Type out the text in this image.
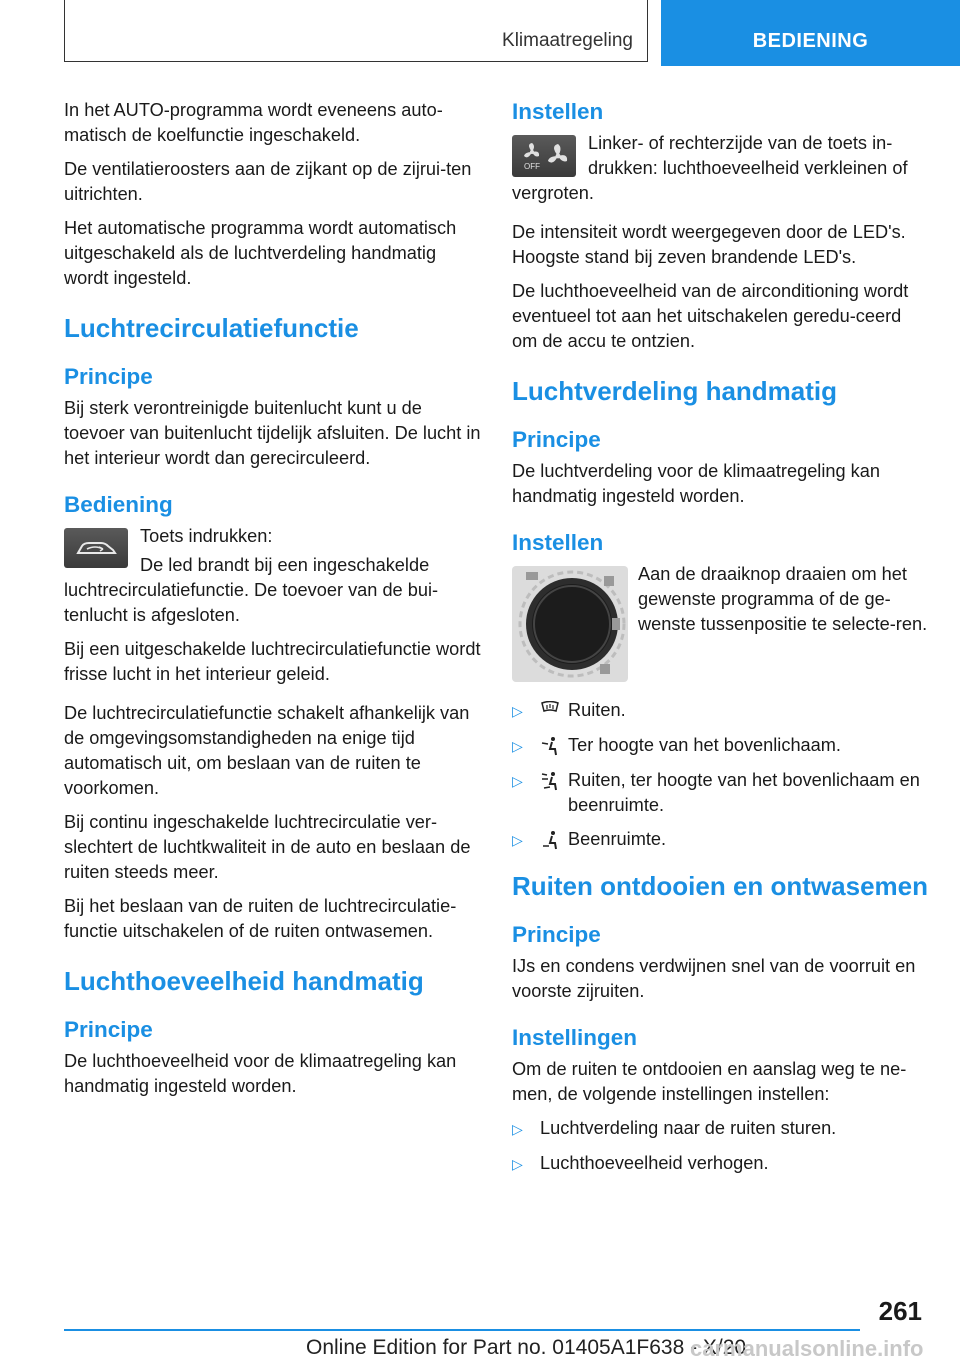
Klimaatregeling	BEDIENING

In het AUTO-programma wordt eveneens auto-matisch de koelfunctie ingeschakeld.

De ventilatieroosters aan de zijkant op de zijrui-ten uitrichten.

Het automatische programma wordt automatisch uitgeschakeld als de luchtverdeling handmatig wordt ingesteld.

Luchtrecirculatiefunctie
Principe

Bij sterk verontreinigde buitenlucht kunt u de toevoer van buitenlucht tijdelijk afsluiten. De lucht in het interieur wordt dan gerecirculeerd.

Bediening
Toets indrukken:
De led brandt bij een ingeschakelde luchtrecirculatiefunctie. De toevoer van de bui-tenlucht is afgesloten.

Bij een uitgeschakelde luchtrecirculatiefunctie wordt frisse lucht in het interieur geleid.

De luchtrecirculatiefunctie schakelt afhankelijk van de omgevingsomstandigheden na enige tijd automatisch uit, om beslaan van de ruiten te voorkomen.

Bij continu ingeschakelde luchtrecirculatie ver-slechtert de luchtkwaliteit in de auto en beslaan de ruiten steeds meer.

Bij het beslaan van de ruiten de luchtrecirculatie-functie uitschakelen of de ruiten ontwasemen.

Luchthoeveelheid handmatig
Principe

De luchthoeveelheid voor de klimaatregeling kan handmatig ingesteld worden.

Instellen
OFF
Linker- of rechterzijde van de toets in-drukken: luchthoeveelheid verkleinen of vergroten.

De intensiteit wordt weergegeven door de LED's. Hoogste stand bij zeven brandende LED's.

De luchthoeveelheid van de airconditioning wordt eventueel tot aan het uitschakelen geredu-ceerd om de accu te ontzien.

Luchtverdeling handmatig
Principe

De luchtverdeling voor de klimaatregeling kan handmatig ingesteld worden.

Instellen
Aan de draaiknop draaien om het gewenste programma of de ge-wenste tussenpositie te selecte-ren.
▷	Ruiten.
▷	Ter hoogte van het bovenlichaam.
▷	Ruiten, ter hoogte van het bovenlichaam en beenruimte.
▷	Beenruimte.
Ruiten ontdooien en ontwasemen
Principe

IJs en condens verdwijnen snel van de voorruit en voorste zijruiten.

Instellingen

Om de ruiten te ontdooien en aanslag weg te ne-men, de volgende instellingen instellen:

▷ Luchtverdeling naar de ruiten sturen.
▷ Luchthoeveelheid verhogen.
261
Online Edition for Part no. 01405A1F638 - X/20
carmanualsonline.info
